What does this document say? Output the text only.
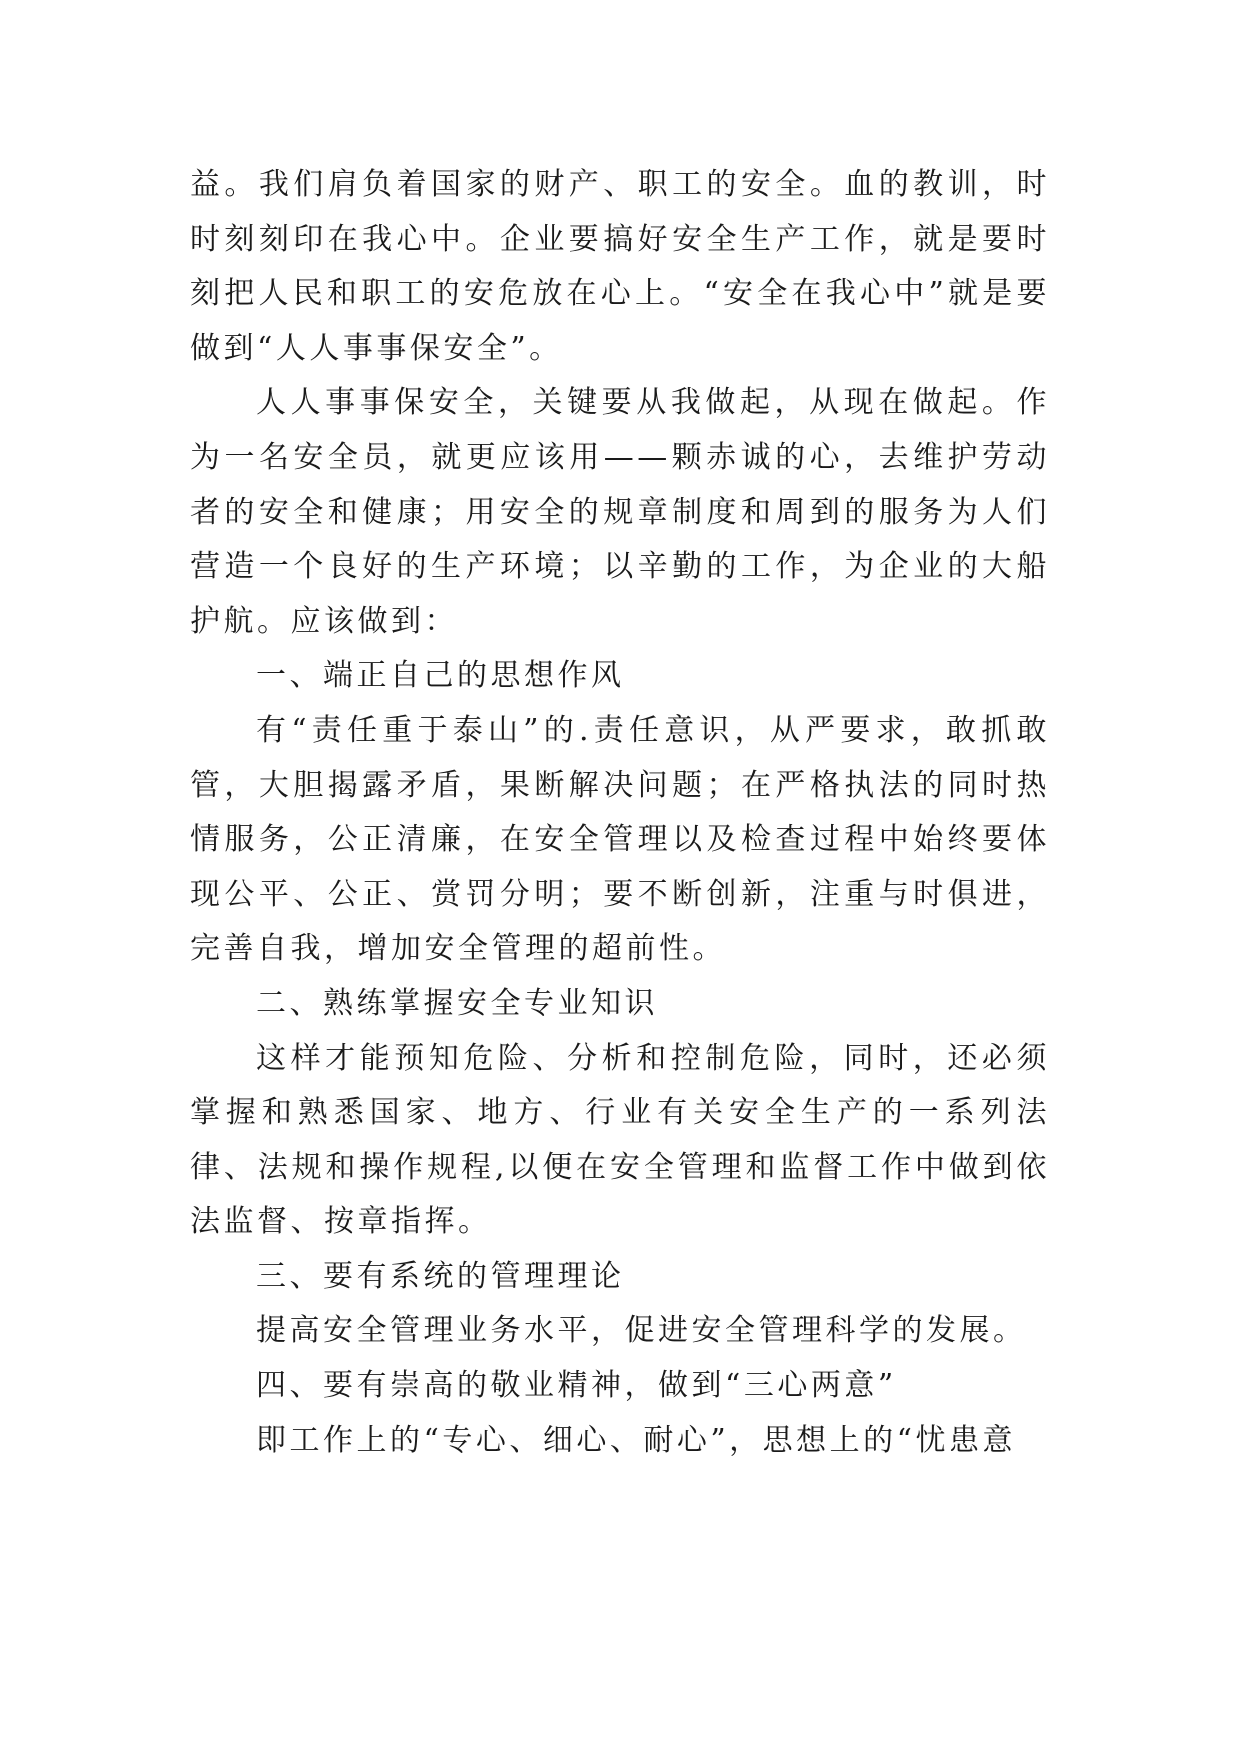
益。我们肩负着国家的财产、职工的安全。血的教训，时时刻刻印在我心中。企业要搞好安全生产工作，就是要时刻把人民和职工的安危放在心上。“安全在我心中”就是要做到“人人事事保安全”。

人人事事保安全，关键要从我做起，从现在做起。作为一名安全员，就更应该用——颗赤诚的心，去维护劳动者的安全和健康；用安全的规章制度和周到的服务为人们营造一个良好的生产环境；以辛勤的工作，为企业的大船护航。应该做到：

一、端正自己的思想作风

有“责任重于泰山”的.责任意识，从严要求，敢抓敢管，大胆揭露矛盾，果断解决问题；在严格执法的同时热情服务，公正清廉，在安全管理以及检查过程中始终要体现公平、公正、赏罚分明；要不断创新，注重与时俱进，完善自我，增加安全管理的超前性。

二、熟练掌握安全专业知识

这样才能预知危险、分析和控制危险，同时，还必须掌握和熟悉国家、地方、行业有关安全生产的一系列法律、法规和操作规程,以便在安全管理和监督工作中做到依法监督、按章指挥。

三、要有系统的管理理论

提高安全管理业务水平，促进安全管理科学的发展。

四、要有崇高的敬业精神，做到“三心两意”

即工作上的“专心、细心、耐心”，思想上的“忧患意
